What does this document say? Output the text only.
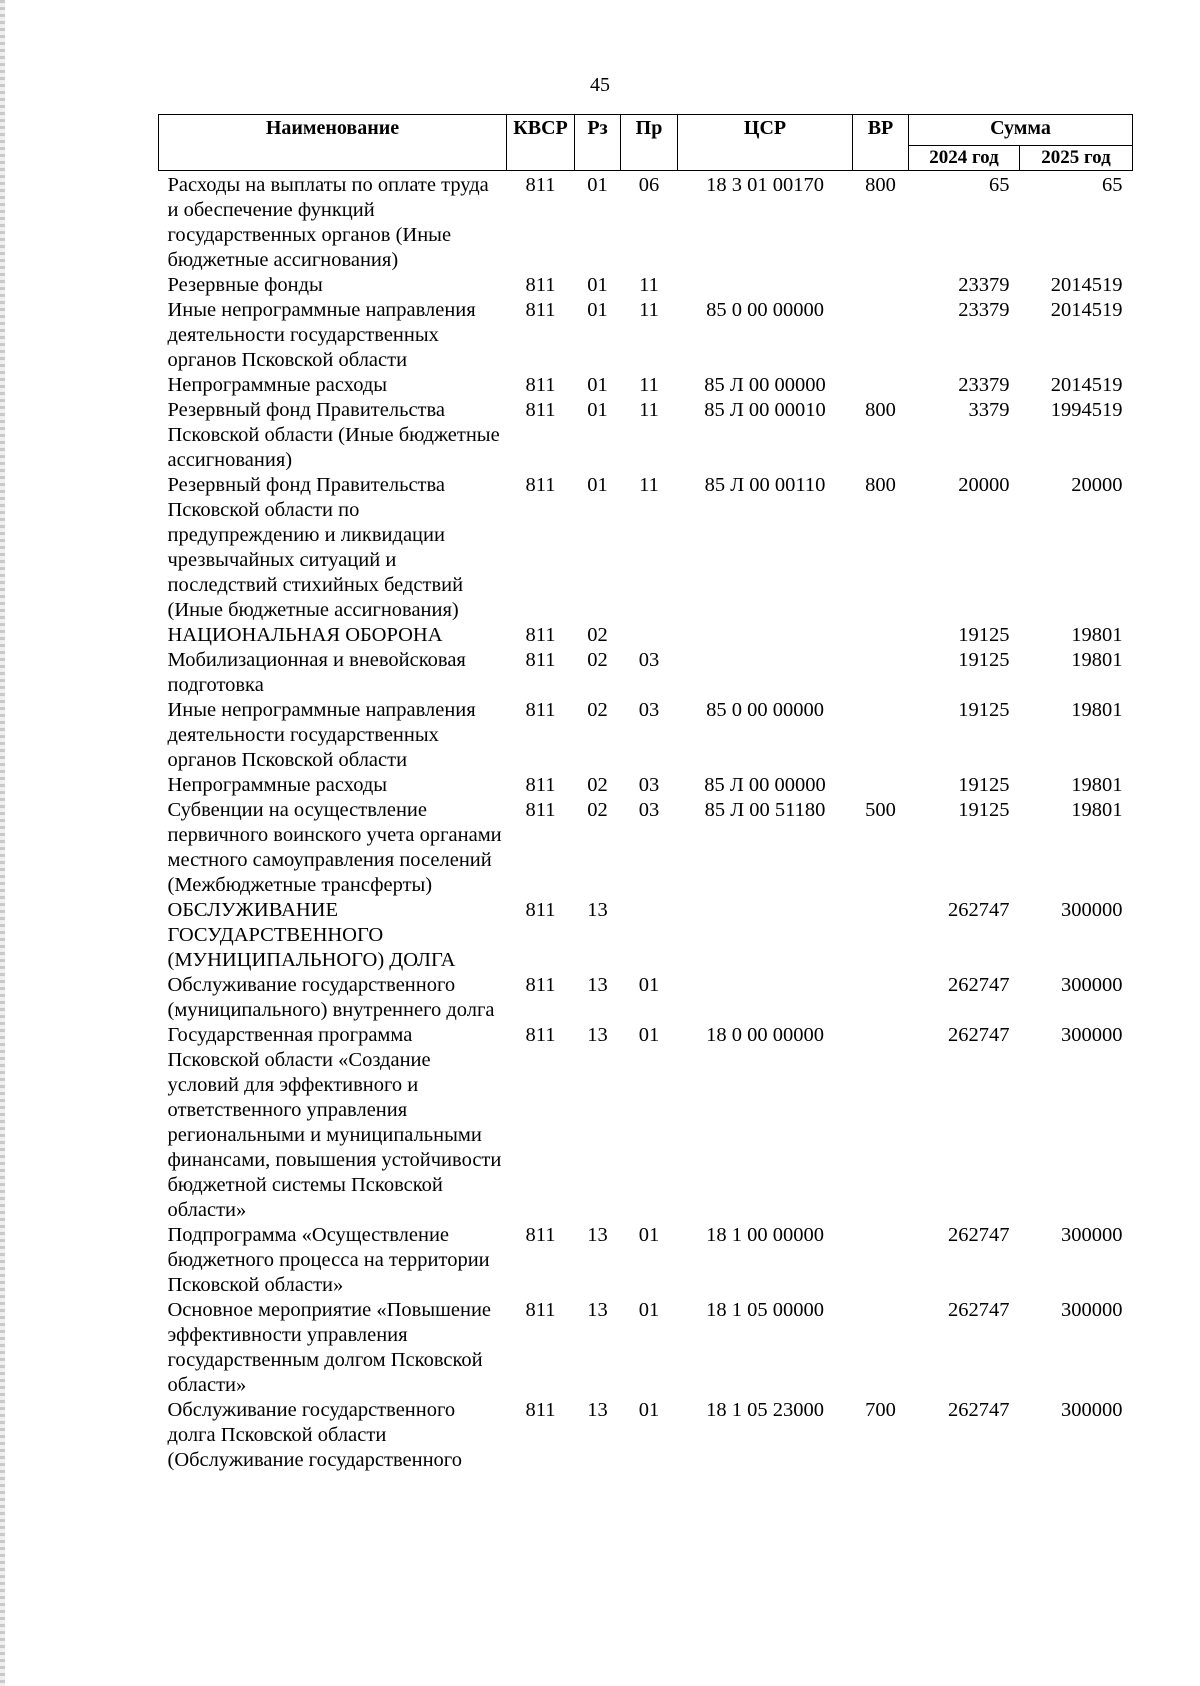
45
Наименование	КВСР	Рз	Пр	ЦСР	ВР	Сумма	
						2024 год	2025 год
Расходы на выплаты по оплате труда и обеспечение функций государственных органов (Иные бюджетные ассигнования)	811	01	06	18 3 01 00170	800	65	65
Резервные фонды	811	01	11			23379	2014519
Иные непрограммные направления деятельности государственных органов Псковской области	811	01	11	85 0 00 00000		23379	2014519
Непрограммные расходы	811	01	11	85 Л 00 00000		23379	2014519
Резервный фонд Правительства Псковской области (Иные бюджетные ассигнования)	811	01	11	85 Л 00 00010	800	3379	1994519
Резервный фонд Правительства Псковской области по предупреждению и ликвидации чрезвычайных ситуаций и последствий стихийных бедствий (Иные бюджетные ассигнования)	811	01	11	85 Л 00 00110	800	20000	20000
НАЦИОНАЛЬНАЯ ОБОРОНА	811	02				19125	19801
Мобилизационная и вневойсковая подготовка	811	02	03			19125	19801
Иные непрограммные направления деятельности государственных органов Псковской области	811	02	03	85 0 00 00000		19125	19801
Непрограммные расходы	811	02	03	85 Л 00 00000		19125	19801
Субвенции на осуществление первичного воинского учета органами местного самоуправления поселений (Межбюджетные трансферты)	811	02	03	85 Л 00 51180	500	19125	19801
ОБСЛУЖИВАНИЕ ГОСУДАРСТВЕННОГО (МУНИЦИПАЛЬНОГО) ДОЛГА	811	13				262747	300000
Обслуживание государственного (муниципального) внутреннего долга	811	13	01			262747	300000
Государственная программа Псковской области «Создание условий для эффективного и ответственного управления региональными и муниципальными финансами, повышения устойчивости бюджетной системы Псковской области»	811	13	01	18 0 00 00000		262747	300000
Подпрограмма «Осуществление бюджетного процесса на территории Псковской области»	811	13	01	18 1 00 00000		262747	300000
Основное мероприятие «Повышение эффективности управления государственным долгом Псковской области»	811	13	01	18 1 05 00000		262747	300000
Обслуживание государственного долга Псковской области (Обслуживание государственного	811	13	01	18 1 05 23000	700	262747	300000
